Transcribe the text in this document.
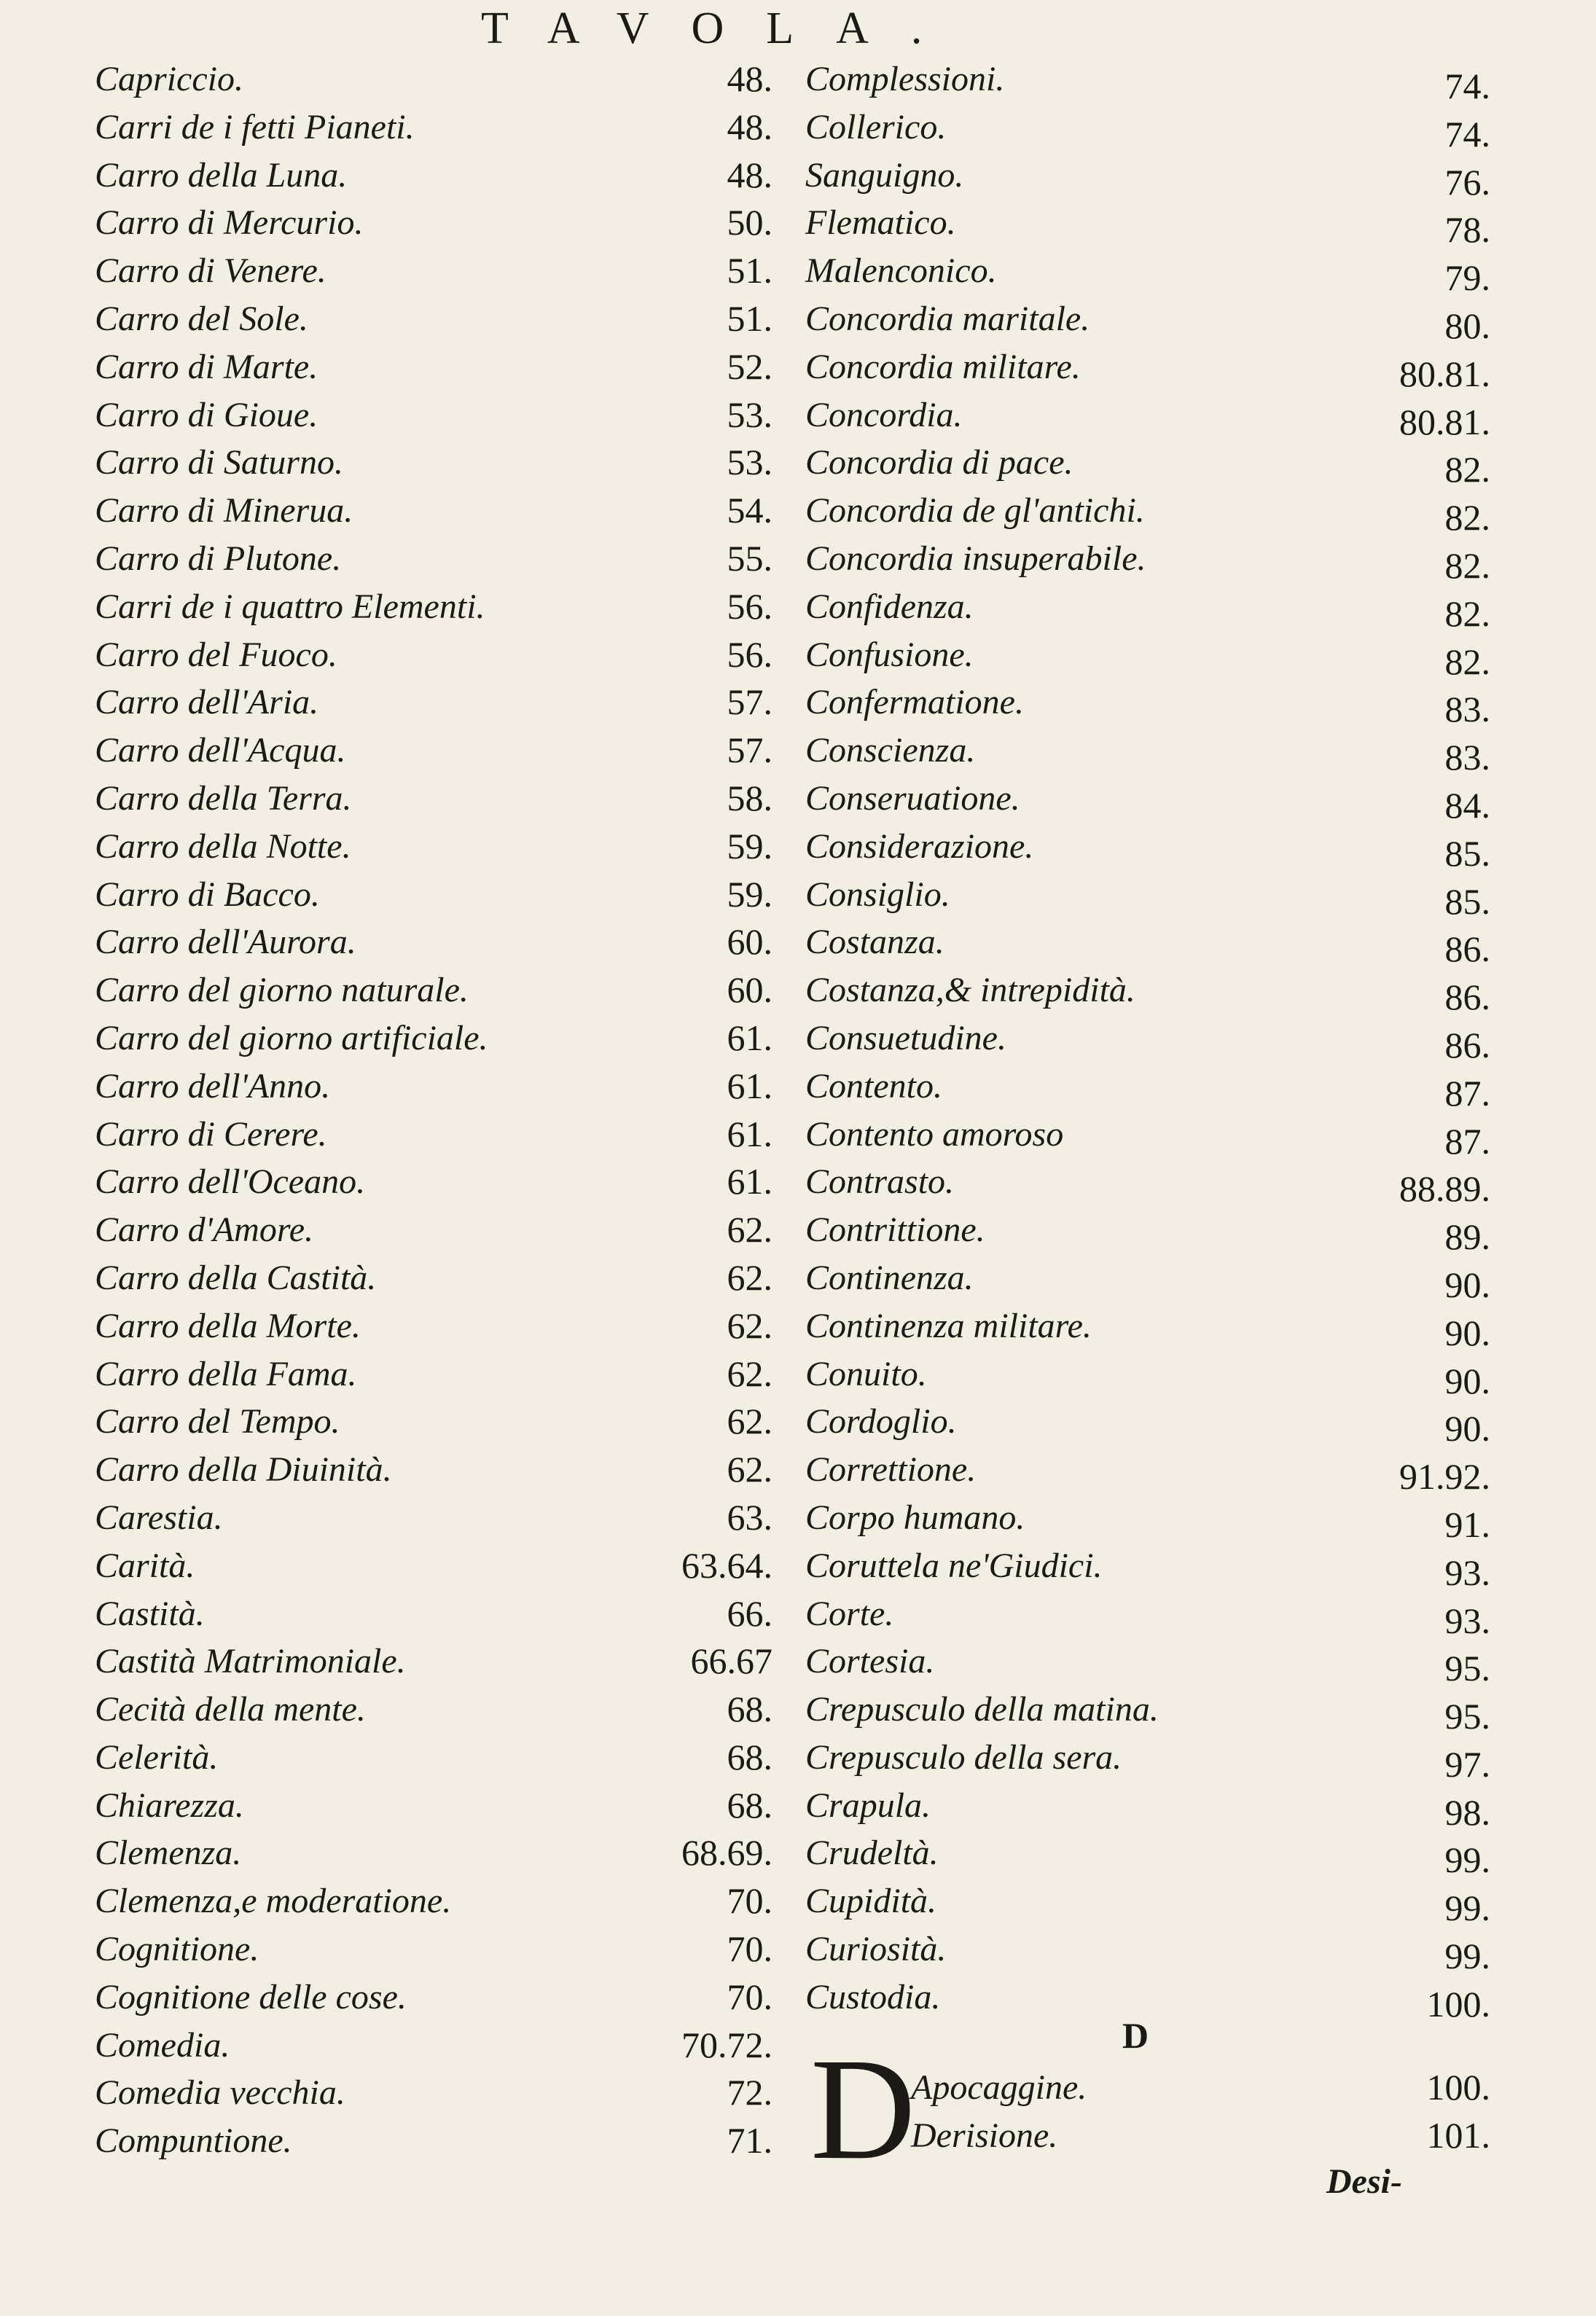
TAVOLA.
Capriccio.	48.
Carri de i fetti Pianeti.	48.
Carro della Luna.	48.
Carro di Mercurio.	50.
Carro di Venere.	51.
Carro del Sole.	51.
Carro di Marte.	52.
Carro di Gioue.	53.
Carro di Saturno.	53.
Carro di Mineruа.	54.
Carro di Plutone.	55.
Carri de i quattro Elementi.	56.
Carro del Fuoco.	56.
Carro dell'Aria.	57.
Carro dell'Acqua.	57.
Carro della Terra.	58.
Carro della Notte.	59.
Carro di Bacco.	59.
Carro dell'Aurora.	60.
Carro del giorno naturale.	60.
Carro del giorno artificiale.	61.
Carro dell'Anno.	61.
Carro di Cerere.	61.
Carro dell'Oceano.	61.
Carro d'Amore.	62.
Carro della Castità.	62.
Carro della Morte.	62.
Carro della Fama.	62.
Carro del Tempo.	62.
Carro della Diuinità.	62.
Carestia.	63.
Carità.	63.64.
Castità.	66.
Castità Matrimoniale.	66.67
Cecità della mente.	68.
Celerità.	68.
Chiarezza.	68.
Clemenza.	68.69.
Clemenza,e moderatione.	70.
Cognitione.	70.
Cognitione delle cose.	70.
Comedia.	70.72.
Comedia vecchia.	72.
Compuntione.	71.
Complessioni.	74.
Collerico.	74.
Sanguigno.	76.
Flematico.	78.
Malenconico.	79.
Concordia maritale.	80.
Concordia militare.	80.81.
Concordia.	80.81.
Concordia di pace.	82.
Concordia de gl'antichi.	82.
Concordia insuperabile.	82.
Confidenza.	82.
Confusione.	82.
Confermatione.	83.
Conscienza.	83.
Conseruatione.	84.
Considerazione.	85.
Consiglio.	85.
Costanza.	86.
Costanza,& intrepidità.	86.
Consuetudine.	86.
Contento.	87.
Contento amoroso	87.
Contrasto.	88.89.
Contrittione.	89.
Continenza.	90.
Continenza militare.	90.
Conuito.	90.
Cordoglio.	90.
Correttione.	91.92.
Corpo humano.	91.
Coruttela ne'Giudici.	93.
Corte.	93.
Cortesia.	95.
Crepusculo della matina.	95.
Crepusculo della sera.	97.
Crapula.	98.
Crudeltà.	99.
Cupidità.	99.
Curiosità.	99.
Custodia.	100.
D
D
Apocaggine.	100.
Derisione.	101.
Desi-
